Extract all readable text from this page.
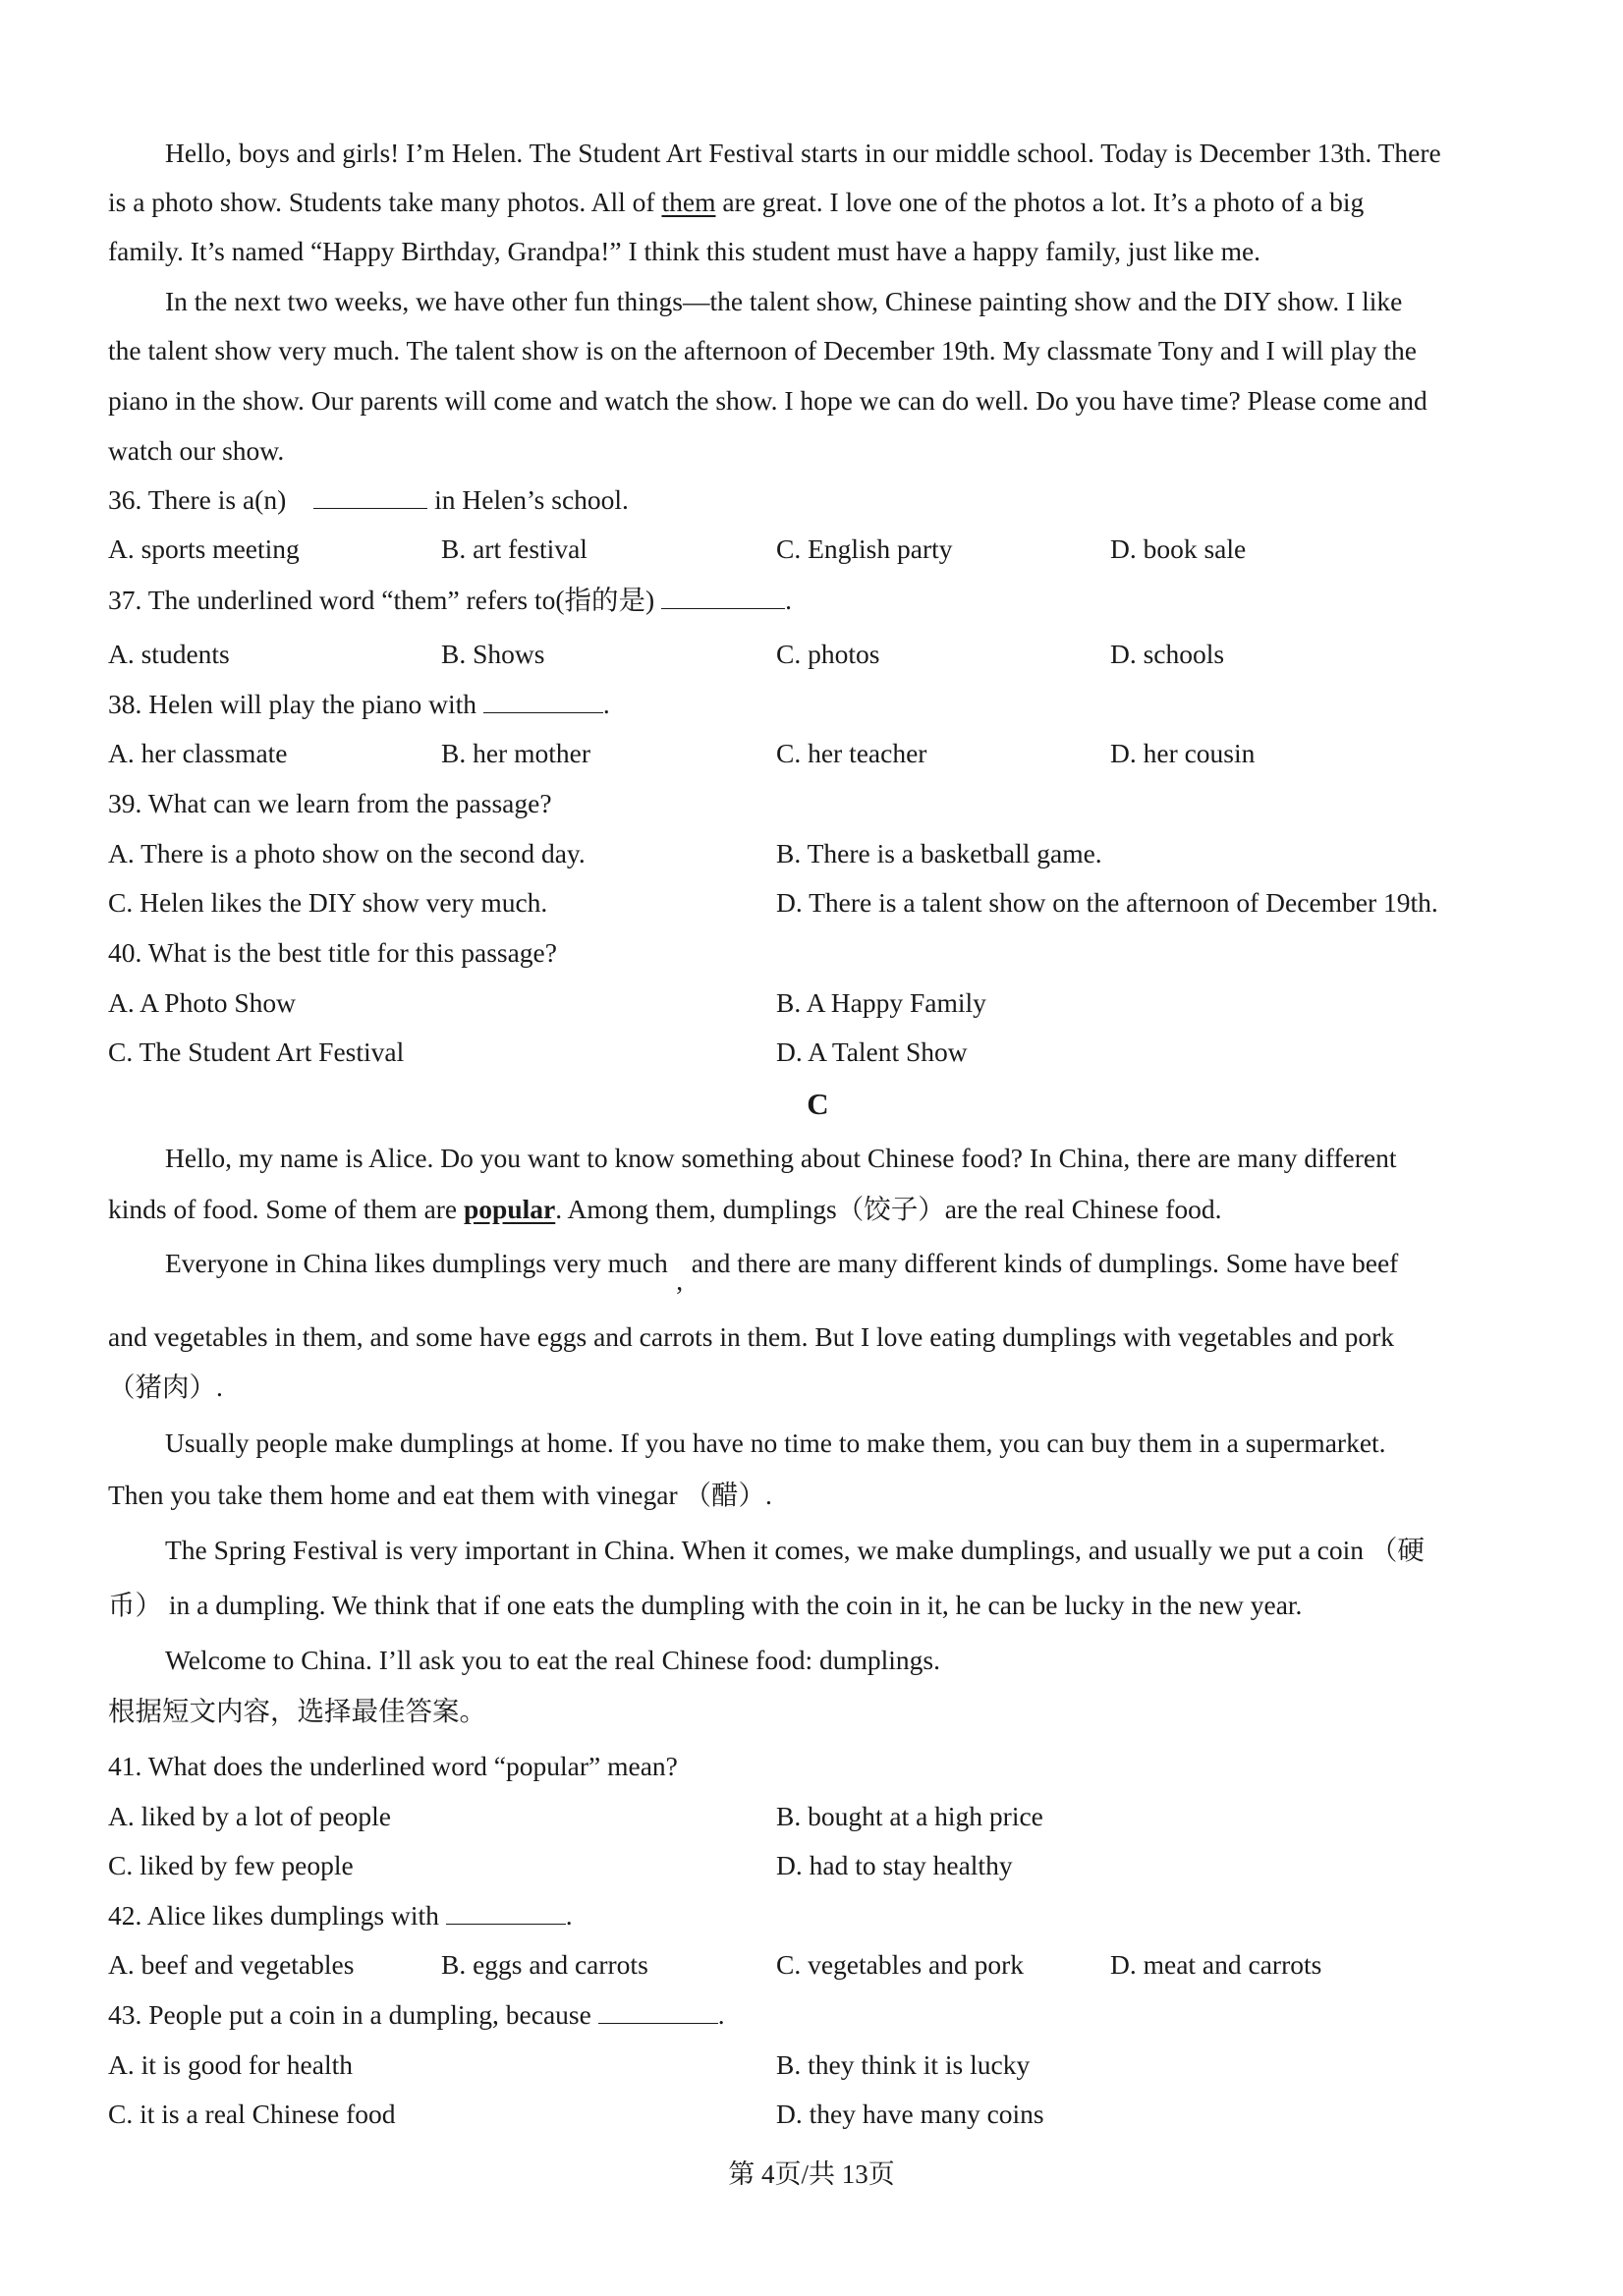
Hello, boys and girls! I’m Helen. The Student Art Festival starts in our middle school. Today is December 13th. There
is a photo show. Students take many photos. All of them are great. I love one of the photos a lot. It’s a photo of a big
family. It’s named “Happy Birthday, Grandpa!” I think this student must have a happy family, just like me.
In the next two weeks, we have other fun things—the talent show, Chinese painting show and the DIY show. I like
the talent show very much. The talent show is on the afternoon of December 19th. My classmate Tony and I will play the
piano in the show. Our parents will come and watch the show. I hope we can do well. Do you have time? Please come and
watch our show.
36. There is a(n)	in Helen’s school.
A. sports meeting	B. art festival	C. English party	D. book sale
37. The underlined word “them” refers to(指的是)	.
A. students	B. Shows	C. photos	D. schools
38. Helen will play the piano with	.
A. her classmate	B. her mother	C. her teacher	D. her cousin
39. What can we learn from the passage?
A. There is a photo show on the second day.	B. There is a basketball game.
C. Helen likes the DIY show very much.	D. There is a talent show on the afternoon of December 19th.
40. What is the best title for this passage?
A. A Photo Show	B. A Happy Family
C. The Student Art Festival	D. A Talent Show
C
Hello, my name is Alice. Do you want to know something about Chinese food? In China, there are many different
kinds of food. Some of them are popular. Among them, dumplings（饺子）are the real Chinese food.
Everyone in China likes dumplings very much,and there are many different kinds of dumplings. Some have beef
and vegetables in them, and some have eggs and carrots in them. But I love eating dumplings with vegetables and pork
（猪肉）.
Usually people make dumplings at home. If you have no time to make them, you can buy them in a supermarket.
Then you take them home and eat them with vinegar （醋）.
The Spring Festival is very important in China. When it comes, we make dumplings, and usually we put a coin （硬
币） in a dumpling. We think that if one eats the dumpling with the coin in it, he can be lucky in the new year.
Welcome to China. I’ll ask you to eat the real Chinese food: dumplings.
根据短文内容，选择最佳答案。
41. What does the underlined word “popular” mean?
A. liked by a lot of people	B. bought at a high price
C. liked by few people	D. had to stay healthy
42. Alice likes dumplings with	.
A. beef and vegetables	B. eggs and carrots	C. vegetables and pork	D. meat and carrots
43. People put a coin in a dumpling, because	.
A. it is good for health	B. they think it is lucky
C. it is a real Chinese food	D. they have many coins
第 4页/共 13页
